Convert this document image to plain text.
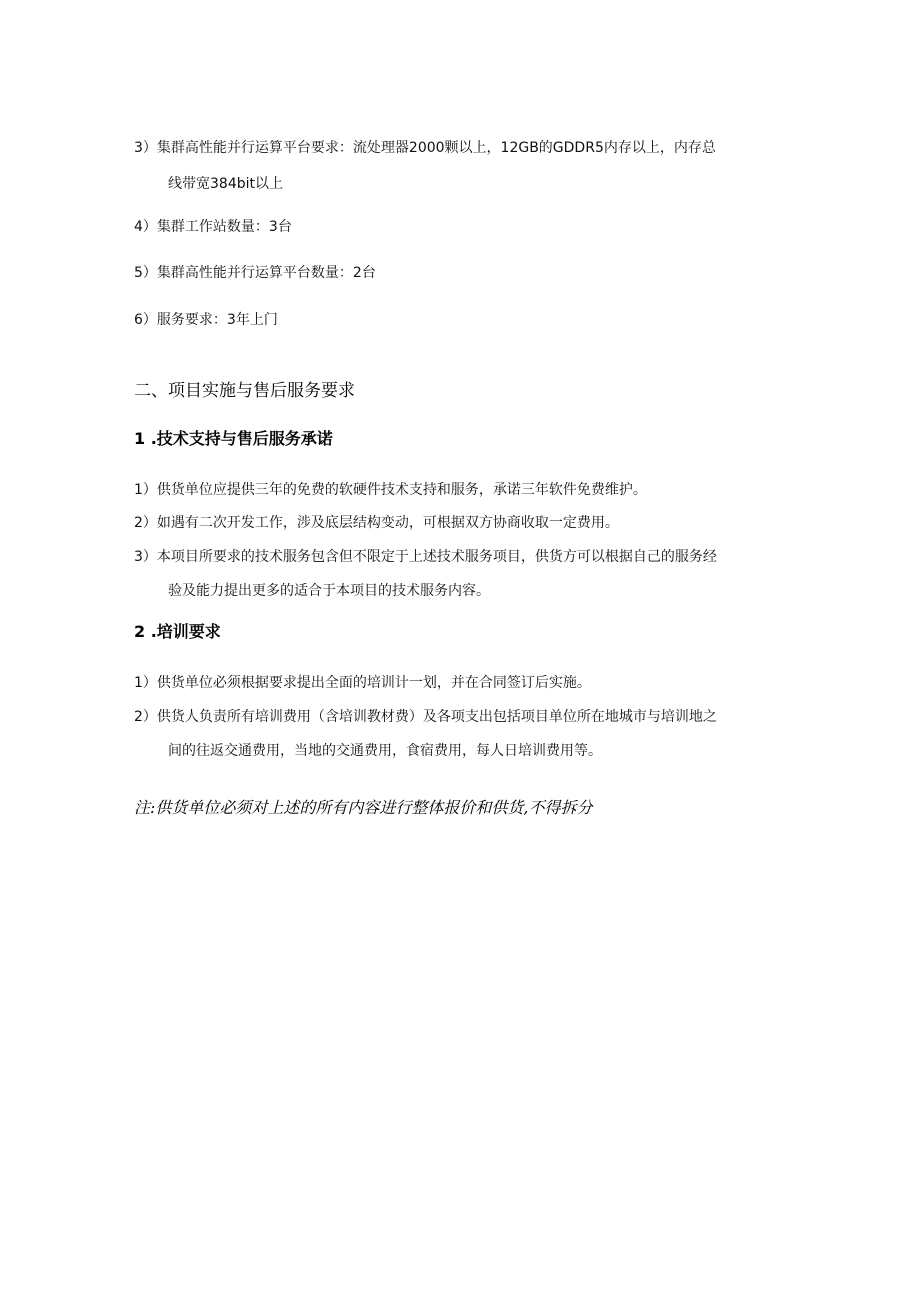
3）集群高性能并行运算平台要求：流处理器2000颗以上，12GB的GDDR5内存以上，内存总
线带宽384bit以上
4）集群工作站数量：3台
5）集群高性能并行运算平台数量：2台
6）服务要求：3年上门
二、项目实施与售后服务要求
1 .技术支持与售后服务承诺
1）供货单位应提供三年的免费的软硬件技术支持和服务，承诺三年软件免费维护。
2）如遇有二次开发工作，涉及底层结构变动，可根据双方协商收取一定费用。
3）本项目所要求的技术服务包含但不限定于上述技术服务项目，供货方可以根据自己的服务经
验及能力提出更多的适合于本项目的技术服务内容。
2 .培训要求
1）供货单位必须根据要求提出全面的培训计一划，并在合同签订后实施。
2）供货人负责所有培训费用（含培训教材费）及各项支出包括项目单位所在地城市与培训地之
间的往返交通费用，当地的交通费用，食宿费用，每人日培训费用等。
注:供货单位必须对上述的所有内容进行整体报价和供货,不得拆分
